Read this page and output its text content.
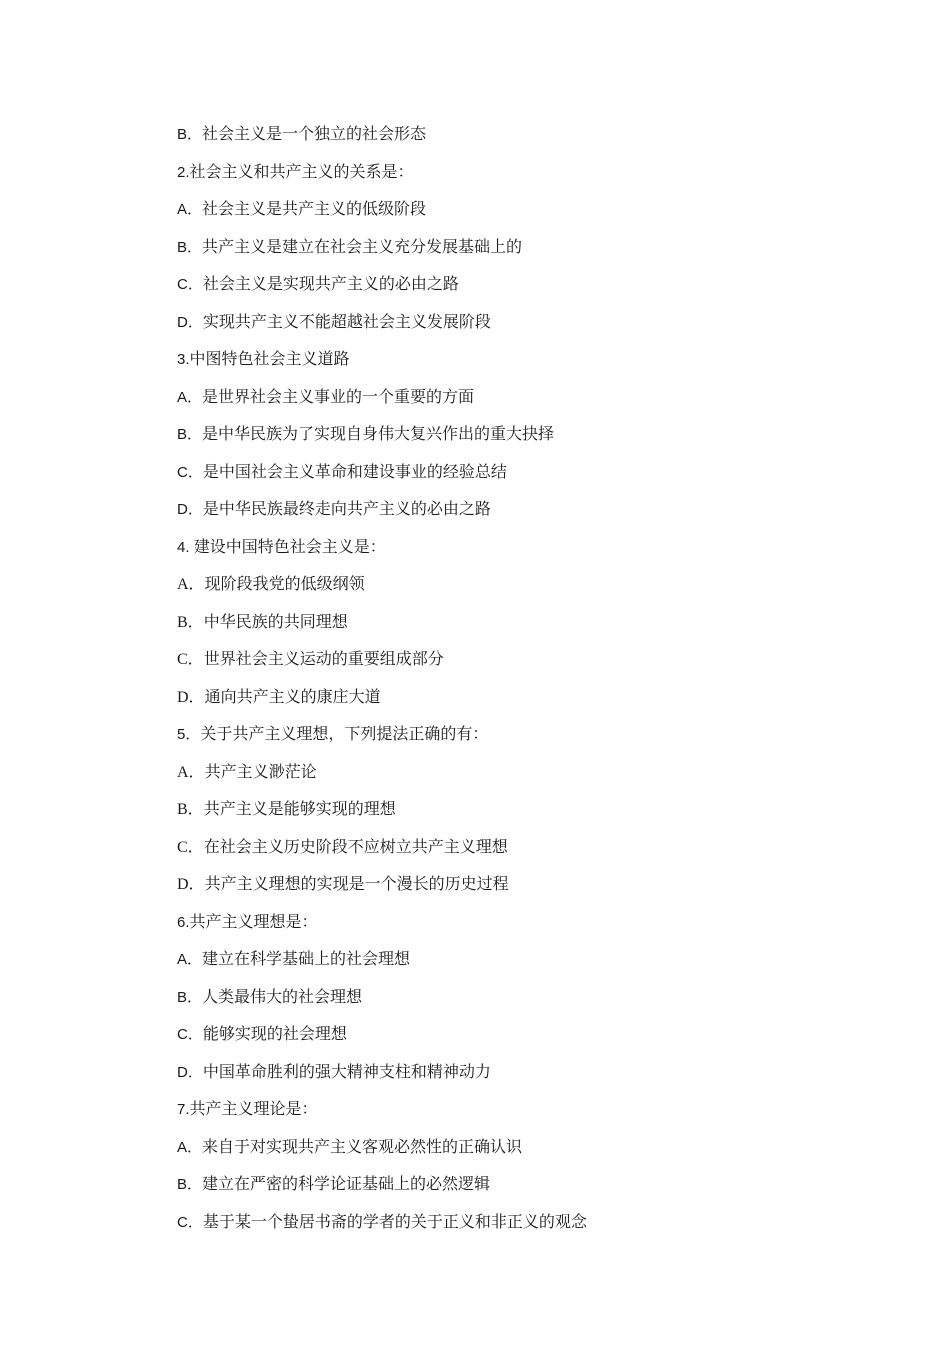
B．社会主义是一个独立的社会形态
2.社会主义和共产主义的关系是：
A．社会主义是共产主义的低级阶段
B．共产主义是建立在社会主义充分发展基础上的
C．社会主义是实现共产主义的必由之路
D．实现共产主义不能超越社会主义发展阶段
3.中图特色社会主义道路
A．是世界社会主义事业的一个重要的方面
B．是中华民族为了实现自身伟大复兴作出的重大抉择
C．是中国社会主义革命和建设事业的经验总结
D．是中华民族最终走向共产主义的必由之路
4. 建设中国特色社会主义是：
A．现阶段我党的低级纲领
B．中华民族的共同理想
C．世界社会主义运动的重要组成部分
D．通向共产主义的康庄大道
5．关于共产主义理想，下列提法正确的有：
A．共产主义渺茫论
B．共产主义是能够实现的理想
C．在社会主义历史阶段不应树立共产主义理想
D．共产主义理想的实现是一个漫长的历史过程
6.共产主义理想是：
A．建立在科学基础上的社会理想
B．人类最伟大的社会理想
C．能够实现的社会理想
D．中国革命胜利的强大精神支柱和精神动力
7.共产主义理论是：
A．来自于对实现共产主义客观必然性的正确认识
B．建立在严密的科学论证基础上的必然逻辑
C．基于某一个蛰居书斋的学者的关于正义和非正义的观念
